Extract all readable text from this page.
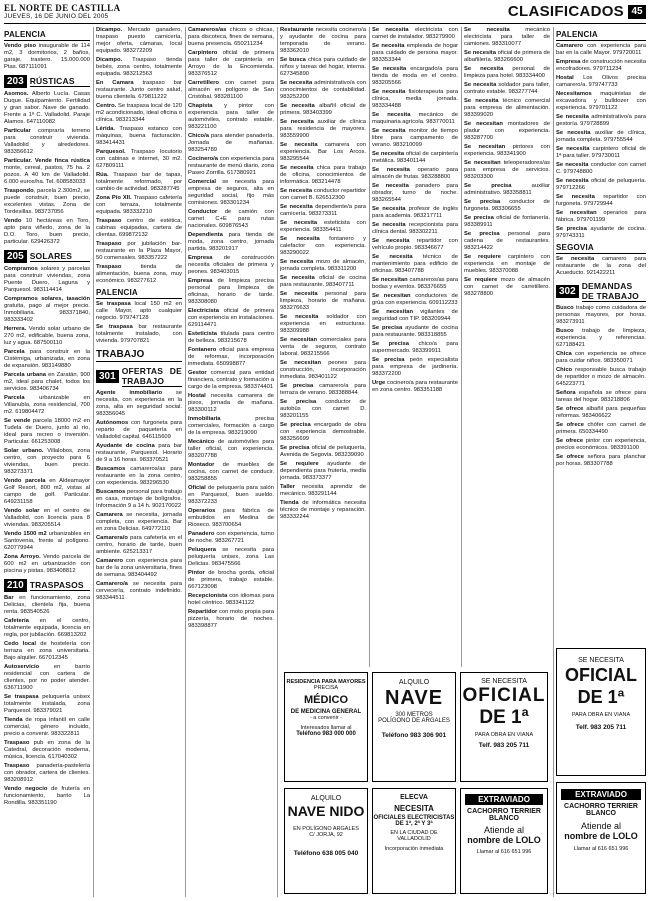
EL NORTE DE CASTILLA
JUEVES, 16 DE JUNIO DEL 2005	CLASIFICADOS 45
PALENCIA
Vendo piso inaugurable de 114 m2, 3 dormitorios, 2 baños, garaje, trastero. 15.000.000 Ptas. 687111091
203 RÚSTICAS
Asomos. Alberto Lucía. Casas Duque. Equipamiento. Fertilidad y gran sabor. Nave de ganado. Frente a 1ª C. Valladolid. Paraje Alamos. 647110082
Particular compraría terreno para construir vivienda. Valladolid y alrededores. 983356612
Particular. Vende finca rústica monte, cereal, pastos, 75 ha. 2 pozos. A 40 km de Valladolid. 6.000 euros/ha. Tel. 608583033
Traspondo, parcela 2.300m2, se puede construir, buen precio, excelentes vistas. Zona de Tordesillas. 983737056
Vendo 10 hectáreas en Toro, apto para viñedo, zona de la D.O. Toro, buen precio, particular. 629426372
205 SOLARES
Compramos solares y parcelas para construir viviendas, zona Puente Duero, Laguna y Parquesol. 983114414
Compramos solares, tasación gratuita, pago al mejor precio. Inmobiliaria. 983371840, 983333402
Herrera. Vendo solar urbano de 270 m2, edificable, buena zona, luz y agua. 687500110
Parcela para construir en la Cistérniga, urbanizada, en zona de expansión. 983149880
Parcela urbana en Zaratán, 900 m2, ideal para chalet, todos los servicios. 983406734
Parcela urbanizable en Villanubla, zona residencial, 700 m2. 619804472
Se vende parcela 18000 m2 en Tudela de Duero, junto al río, ideal para recreo o inversión. Particular. 661253008
Solar urbano. Villalobos, zona centro, con proyecto para 6 viviendas, buen precio. 983273371
Vendo parcela en Aldeamayor Golf Resort, 800 m2, vistas al campo de golf. Particular. 649231158
Vendo solar en el centro de Valladolid, con licencia para 8 viviendas. 983205514
Vendo 1500 m2 urbanizables en Santovenia, frente al polígono. 620779944
Zona Arroyo. Vendo parcela de 600 m2 en urbanización con piscina y pistas. 983408812
210 TRASPASOS
Bar en funcionamiento, zona Delicias, clientela fija, buena renta. 983540526
Cafetería en el centro, totalmente equipada, licencia en regla, por jubilación. 669813202
Cedo local de hostelería con terraza en zona universitaria. Bajo alquiler. 667012345
Autoservicio en barrio residencial con cartera de clientes, por no poder atender. 636711900
Se traspasa peluquería unisex totalmente instalada, zona Parquesol. 983379021
Tienda de ropa infantil en calle comercial, género incluido, precio a convenir. 983322811
Traspaso pub en zona de la Catedral, decoración moderna, música, licencia. 617040302
Traspaso panadería-pastelería con obrador, cartera de clientes. 983208912
Vendo negocio de frutería en funcionamiento, barrio La Rondilla. 983351190
Dicampo. Mercado ganadero, traspaso puesto carnicería, mejor oferta, cámaras, local equipado. 983272209
Dicampo. Traspaso tienda bebés, zona centro, totalmente equipada. 983212563
En Camara traspaso bar restaurante. Junto centro salud, buena clientela. 679811222
Centro. Se traspasa local de 120 m2 acondicionado, ideal oficina o clínica. 983213344
Lérida. Traspaso estanco con máquinas, buena facturación. 983414431
Parquesol. Traspaso locutorio con cabinas e internet, 30 m2. 627809111
Rúa. Traspaso bar de tapas, totalmente reformado, por cambio de actividad. 983287745
Zona Pío XII. Traspaso cafetería con terraza, totalmente equipada. 983332210
Traspaso centro de estética, cabinas equipadas, cartera de clientas. 699872132
Traspaso por jubilación bar-restaurante en la Plaza Mayor, 50 comensales. 983357222
Traspaso tienda de alimentación, buena zona, muy económico. 983277612
PALENCIA
Se traspasa local 150 m2 en calle Mayor, apto cualquier negocio. 979747128
Se traspasa bar restaurante totalmente instalado, con vivienda. 979707821
TRABAJO
301 OFERTAS DE TRABAJO
Agente inmobiliario se necesita, con experiencia en la zona, alta en seguridad social. 983356045
Autónomos con furgoneta para reparto de paquetería en Valladolid capital. 646115609
Ayudante de cocina para bar restaurante, Parquesol. Horario de 9 a 16 horas. 983370521
Buscamos camareros/as para restaurante en la zona centro, con experiencia. 983296530
Buscamos personal para trabajo en casa, montaje de bolígrafos. Información 9 a 14 h. 902170022
Camarera se necesita, jornada completa, con experiencia. Bar en zona Delicias. 649772110
Camarera/o para cafetería en el centro, horario de tarde, buen ambiente. 625213317
Camarero con experiencia para bar de la zona universitaria, fines de semana. 983404492
Camarero/a se necesita para cervecería, contrato indefinido. 983344511
Camareros/as chicos o chicas, para discoteca, fines de semana, buena presencia. 650211234
Carpintero oficial de primera para taller de carpintería en Arroyo de la Encomienda. 983376512
Carretillero con carnet para almacén en polígono de San Cristóbal. 983281100
Chapista y pintor con experiencia para taller de automóviles, contrato estable. 983221100
Chico/a para atender panadería. Jornada de mañanas. 983254789
Cocinero/a con experiencia para restaurante de menú diario, zona Paseo Zorrilla. 617380921
Comercial se necesita para empresa de seguros, alta en seguridad social, fijo más comisiones. 983301234
Conductor de camión con carnet C+E para rutas nacionales. 609876543
Dependienta para tienda de moda, zona centro, jornada partida. 983201917
Empresa de construcción necesita oficiales de primera y peones. 983403015
Empresa de limpieza precisa personal para limpieza de oficinas, horario de tarde. 983308080
Electricista oficial de primera con experiencia en instalaciones. 629114471
Esteticista titulada para centro de belleza. 983215678
Fontanero oficial para empresa de reformas, incorporación inmediata. 650998877
Gestor comercial para entidad financiera, contrato y formación a cargo de la empresa. 983374401
Hostal necesita camarera de pisos, jornada de mañana. 983300112
Inmobiliaria precisa comerciales, formación a cargo de la empresa. 983219090
Mecánico de automóviles para taller oficial, con experiencia. 983207788
Montador de muebles de cocina, con carnet de conducir. 983258855
Oficial de peluquería para salón en Parquesol, buen sueldo. 983372233
Operarios para fábrica de embutidos en Medina de Rioseco. 983700654
Panadero con experiencia, turno de noche. 983267721
Peluquera se necesita para peluquería unisex, zona Las Delicias. 983475566
Pintor de brocha gorda, oficial de primera, trabajo estable. 667123098
Recepcionista con idiomas para hotel céntrico. 983341122
Repartidor con moto propia para pizzería, horario de noches. 983398877
Restaurante necesita cocinero/a y ayudante de cocina para temporada de verano. 983362010
Se busca chica para cuidado de niños y tareas del hogar, interna. 627345890
Se necesita administrativo/a con conocimientos de contabilidad. 983252200
Se necesita albañil oficial de primera. 983403399
Se necesita auxiliar de clínica para residencia de mayores. 983559900
Se necesita camarera con experiencia. Bar Los Arcos. 983295544
Se necesita chica para trabajo de oficina, conocimientos de informática. 983214478
Se necesita conductor repartidor con carnet B. 626512300
Se necesita dependiente/a para carnicería. 983273311
Se necesita esteticista con experiencia. 983354411
Se necesita fontanero y calefactor con experiencia. 983290022
Se necesita mozo de almacén, jornada completa. 983311200
Se necesita oficial de cocina para restaurante. 983407711
Se necesita personal para limpieza, horario de mañana. 983276633
Se necesita soldador con experiencia en estructuras. 983309988
Se necesitan comerciales para venta de seguros, contrato laboral. 983215566
Se necesitan peones para construcción, incorporación inmediata. 983401122
Se precisa camarero/a para terraza de verano. 983388844
Se precisa conductor de autobús con carnet D. 983201155
Se precisa encargado de obra con experiencia demostrable. 983256699
Se precisa oficial de peluquería, Avenida de Segovia. 983239090
Se requiere ayudante de dependienta para frutería, media jornada. 983373377
Taller necesita aprendiz de mecánico. 983291144
Tienda de informática necesita técnico de montaje y reparación. 983332244
Se necesita electricista con carnet de instalador. 983279900
Se necesita empleada de hogar para cuidado de persona mayor. 983353344
Se necesita encargado/a para tienda de moda en el centro. 983205566
Se necesita fisioterapeuta para clínica, media jornada. 983334488
Se necesita mecánico de maquinaria agrícola. 983770011
Se necesita monitor de tiempo libre para campamento de verano. 983210099
Se necesita oficial de carpintería metálica. 983401144
Se necesita operario para almacén de frutas. 983288800
Se necesita panadero para obrador, turno de noche. 983265544
Se necesita profesor de inglés para academia. 983217711
Se necesita recepcionista para clínica dental. 983302211
Se necesita repartidor con vehículo propio. 983346677
Se necesita técnico de mantenimiento para edificio de oficinas. 983407788
Se necesitan camareros/as para bodas y eventos. 983376655
Se necesitan conductores de grúa con experiencia. 609112233
Se necesitan vigilantes de seguridad con TIP. 983209944
Se precisa ayudante de cocina para restaurante. 983318855
Se precisa chico/a para supermercado. 983399911
Se precisa peón especialista para empresa de jardinería. 983372200
Urge cocinero/a para restaurante en zona centro. 983351188
Se necesita mecánico electricista para taller de camiones. 983310077
Se necesita oficial de primera de albañilería. 983266600
Se necesita personal de limpieza para hotel. 983334400
Se necesita soldador para taller, contrato estable. 983277744
Se necesita técnico comercial para empresa de alimentación. 983399020
Se necesitan montadores de pladur con experiencia. 983287700
Se necesitan pintores con experiencia. 983341900
Se necesitan teleoperadores/as para empresa de servicios. 983203300
Se precisa auxiliar administrativo. 983358811
Se precisa conductor de furgoneta. 983306655
Se precisa oficial de fontanería. 983389911
Se precisa personal para cadena de restaurantes. 983214422
Se requiere carpintero con experiencia en montaje de muebles. 983370088
Se requiere mozo de almacén con carnet de carretillero. 983278800
PALENCIA
Camarero con experiencia para bar en la calle Mayor. 979720011
Empresa de construcción necesita encofradores. 979711234
Hostal Los Olivos precisa camarero/a. 979747733
Necesitamos maquinistas de excavadora y bulldozer con experiencia. 979701122
Se necesita administrativo/a para gestoría. 979728899
Se necesita auxiliar de clínica, jornada completa. 979755544
Se necesita carpintero oficial de 1ª para taller. 979730011
Se necesita conductor con carnet C. 979748800
Se necesita oficial de peluquería. 979712266
Se necesita repartidor con furgoneta. 979729944
Se necesitan operarios para fábrica. 979701199
Se precisa ayudante de cocina. 979743311
SEGOVIA
Se necesita camarero para restaurante de la zona del Acueducto. 921422211
302 DEMANDAS DE TRABAJO
Busco trabajo como cuidadora de personas mayores, por horas. 983273911
Busco trabajo de limpieza, experiencia y referencias. 627188421
Chica con experiencia se ofrece para cuidar niños. 983350071
Chico responsable busca trabajo de repartidor o mozo de almacén. 645223771
Señora española se ofrece para tareas del hogar. 983218806
Se ofrece albañil para pequeñas reformas. 983406622
Se ofrece chófer con carnet de primera. 650334490
Se ofrece pintor con experiencia, precios económicos. 983391100
Se ofrece señora para planchar por horas. 983307788
RESIDENCIA PARA MAYORES
PRECISA
MÉDICO
DE MEDICINA GENERAL
- a convenir -
Interesados llamar al
Teléfono 983 000 000
ALQUILO
NAVE
300 METROS
POLÍGONO DE ARGALES
Teléfono 983 306 901
SE NECESITA
OFICIAL
DE 1ª
PARA OBRA EN VIANA
Telf. 983 205 711
ALQUILO
NAVE NIDO
EN POLÍGONO ARGALES
C/ JORJA, 92
Teléfono 638 005 040
ELECVA
NECESITA
OFICIALES ELECTRICISTAS
DE 1ª, 2ª Y 3ª
EN LA CIUDAD DE VALLADOLID
Incorporación inmediata
EXTRAVIADO
CACHORRO TERRIER
BLANCO
Atiende al
nombre de LOLO
Llamar al 616 651 996
SE NECESITA
OFICIAL
DE 1ª
PARA OBRA EN VIANA
Telf. 983 205 711
EXTRAVIADO
CACHORRO TERRIER
BLANCO
Atiende al
nombre de LOLO
Llamar al 616 651 996
